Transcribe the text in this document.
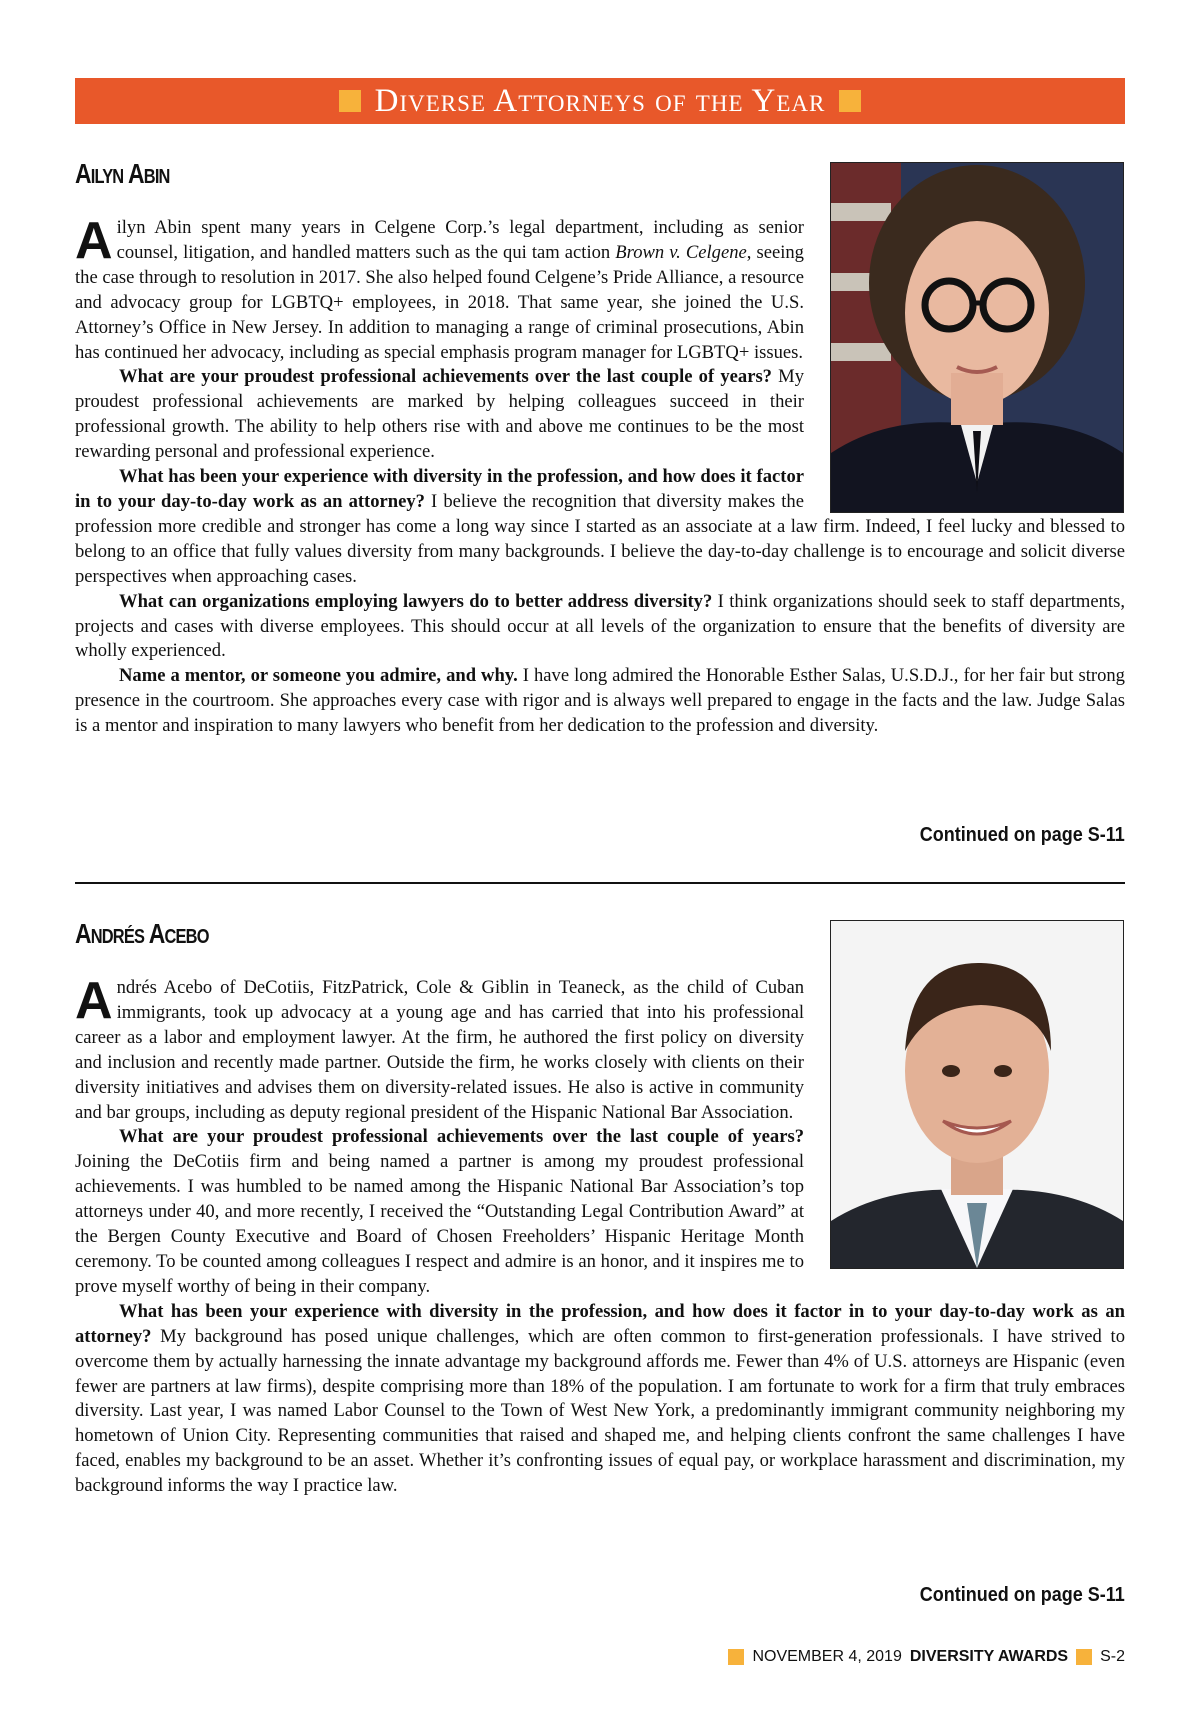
Diverse Attorneys of the Year
Ailyn Abin

Ailyn Abin spent many years in Celgene Corp.’s legal department, including as senior counsel, litigation, and handled matters such as the qui tam action Brown v. Celgene, seeing the case through to resolution in 2017. She also helped found Celgene’s Pride Alliance, a resource and advocacy group for LGBTQ+ employees, in 2018. That same year, she joined the U.S. Attorney’s Office in New Jersey. In addition to managing a range of criminal prosecutions, Abin has continued her advocacy, including as special emphasis program manager for LGBTQ+ issues.

What are your proudest professional achievements over the last couple of years? My proudest professional achievements are marked by helping colleagues succeed in their professional growth. The ability to help others rise with and above me continues to be the most rewarding personal and professional experience.

What has been your experience with diversity in the profession, and how does it factor in to your day-to-day work as an attorney? I believe the recognition that diversity makes the profession more credible and stronger has come a long way since I started as an associate at a law firm. Indeed, I feel lucky and blessed to belong to an office that fully values diversity from many backgrounds. I believe the day-to-day challenge is to encourage and solicit diverse perspectives when approaching cases.

What can organizations employing lawyers do to better address diversity? I think organizations should seek to staff departments, projects and cases with diverse employees. This should occur at all levels of the organization to ensure that the benefits of diversity are wholly experienced.

Name a mentor, or someone you admire, and why. I have long admired the Honorable Esther Salas, U.S.D.J., for her fair but strong presence in the courtroom. She approaches every case with rigor and is always well prepared to engage in the facts and the law. Judge Salas is a mentor and inspiration to many lawyers who benefit from her dedication to the profession and diversity.

Continued on page S-11
Andrés Acebo

Andrés Acebo of DeCotiis, FitzPatrick, Cole & Giblin in Teaneck, as the child of Cuban immigrants, took up advocacy at a young age and has carried that into his professional career as a labor and employment lawyer. At the firm, he authored the first policy on diversity and inclusion and recently made partner. Outside the firm, he works closely with clients on their diversity initiatives and advises them on diversity-related issues. He also is active in community and bar groups, including as deputy regional president of the Hispanic National Bar Association.

What are your proudest professional achievements over the last couple of years? Joining the DeCotiis firm and being named a partner is among my proudest professional achievements. I was humbled to be named among the Hispanic National Bar Association’s top attorneys under 40, and more recently, I received the “Outstanding Legal Contribution Award” at the Bergen County Executive and Board of Chosen Freeholders’ Hispanic Heritage Month ceremony. To be counted among colleagues I respect and admire is an honor, and it inspires me to prove myself worthy of being in their company.

What has been your experience with diversity in the profession, and how does it factor in to your day-to-day work as an attorney? My background has posed unique challenges, which are often common to first-generation professionals. I have strived to overcome them by actually harnessing the innate advantage my background affords me. Fewer than 4% of U.S. attorneys are Hispanic (even fewer are partners at law firms), despite comprising more than 18% of the population. I am fortunate to work for a firm that truly embraces diversity. Last year, I was named Labor Counsel to the Town of West New York, a predominantly immigrant community neighboring my hometown of Union City. Representing communities that raised and shaped me, and helping clients confront the same challenges I have faced, enables my background to be an asset. Whether it’s confronting issues of equal pay, or workplace harassment and discrimination, my background informs the way I practice law.

Continued on page S-11
NOVEMBER 4, 2019 DIVERSITY AWARDS S-2
